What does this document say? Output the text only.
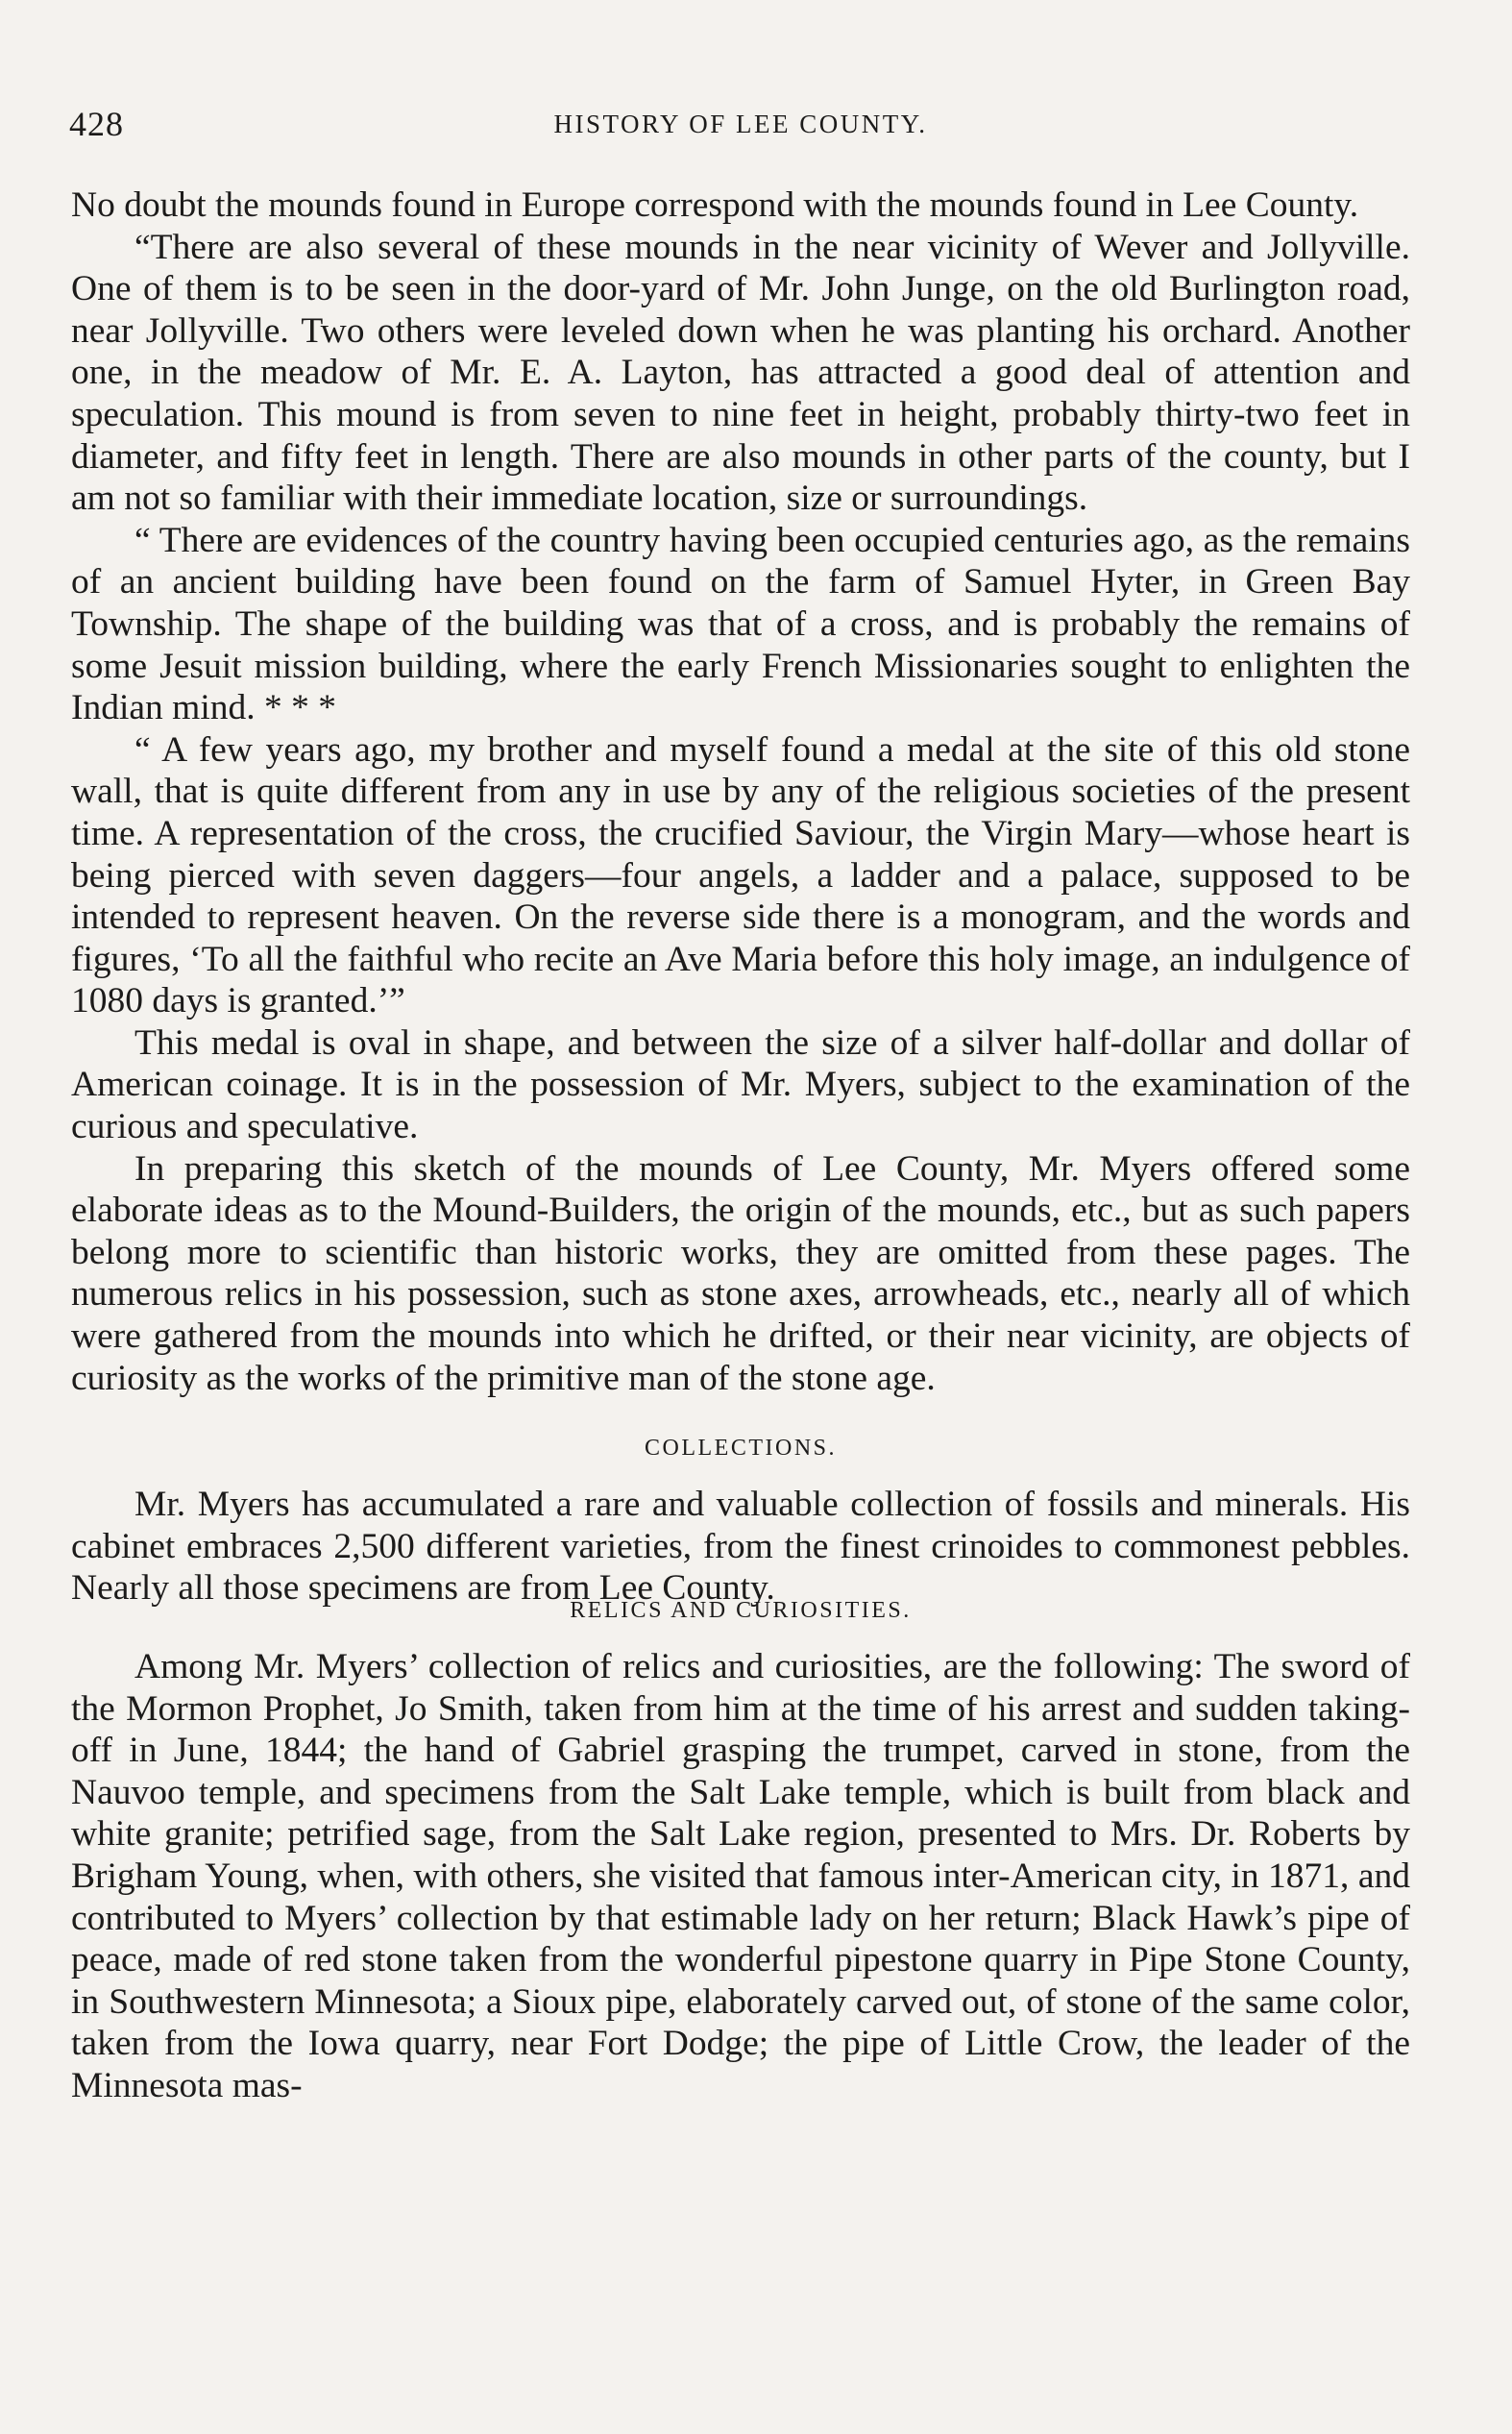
428	HISTORY OF LEE COUNTY.

No doubt the mounds found in Europe correspond with the mounds found in Lee County.

“There are also several of these mounds in the near vicinity of Wever and Jollyville. One of them is to be seen in the door-yard of Mr. John Junge, on the old Burlington road, near Jollyville. Two others were leveled down when he was planting his orchard. Another one, in the meadow of Mr. E. A. Layton, has attracted a good deal of attention and speculation. This mound is from seven to nine feet in height, probably thirty-two feet in diameter, and fifty feet in length. There are also mounds in other parts of the county, but I am not so familiar with their immediate location, size or surroundings.

“ There are evidences of the country having been occupied centuries ago, as the remains of an ancient building have been found on the farm of Samuel Hyter, in Green Bay Township. The shape of the building was that of a cross, and is probably the remains of some Jesuit mission building, where the early French Missionaries sought to enlighten the Indian mind. * * *

“ A few years ago, my brother and myself found a medal at the site of this old stone wall, that is quite different from any in use by any of the religious societies of the present time. A representation of the cross, the crucified Saviour, the Virgin Mary—whose heart is being pierced with seven daggers—four angels, a ladder and a palace, supposed to be intended to represent heaven. On the reverse side there is a monogram, and the words and figures, ‘To all the faithful who recite an Ave Maria before this holy image, an indulgence of 1080 days is granted.’”

This medal is oval in shape, and between the size of a silver half-dollar and dollar of American coinage. It is in the possession of Mr. Myers, subject to the examination of the curious and speculative.

In preparing this sketch of the mounds of Lee County, Mr. Myers offered some elaborate ideas as to the Mound-Builders, the origin of the mounds, etc., but as such papers belong more to scientific than historic works, they are omitted from these pages. The numerous relics in his possession, such as stone axes, arrowheads, etc., nearly all of which were gathered from the mounds into which he drifted, or their near vicinity, are objects of curiosity as the works of the primitive man of the stone age.

COLLECTIONS.

Mr. Myers has accumulated a rare and valuable collection of fossils and minerals. His cabinet embraces 2,500 different varieties, from the finest crinoides to commonest pebbles. Nearly all those specimens are from Lee County.

RELICS AND CURIOSITIES.

Among Mr. Myers’ collection of relics and curiosities, are the following: The sword of the Mormon Prophet, Jo Smith, taken from him at the time of his arrest and sudden taking-off in June, 1844; the hand of Gabriel grasping the trumpet, carved in stone, from the Nauvoo temple, and specimens from the Salt Lake temple, which is built from black and white granite; petrified sage, from the Salt Lake region, presented to Mrs. Dr. Roberts by Brigham Young, when, with others, she visited that famous inter-American city, in 1871, and contributed to Myers’ collection by that estimable lady on her return; Black Hawk’s pipe of peace, made of red stone taken from the wonderful pipestone quarry in Pipe Stone County, in Southwestern Minnesota; a Sioux pipe, elaborately carved out, of stone of the same color, taken from the Iowa quarry, near Fort Dodge; the pipe of Little Crow, the leader of the Minnesota mas-
